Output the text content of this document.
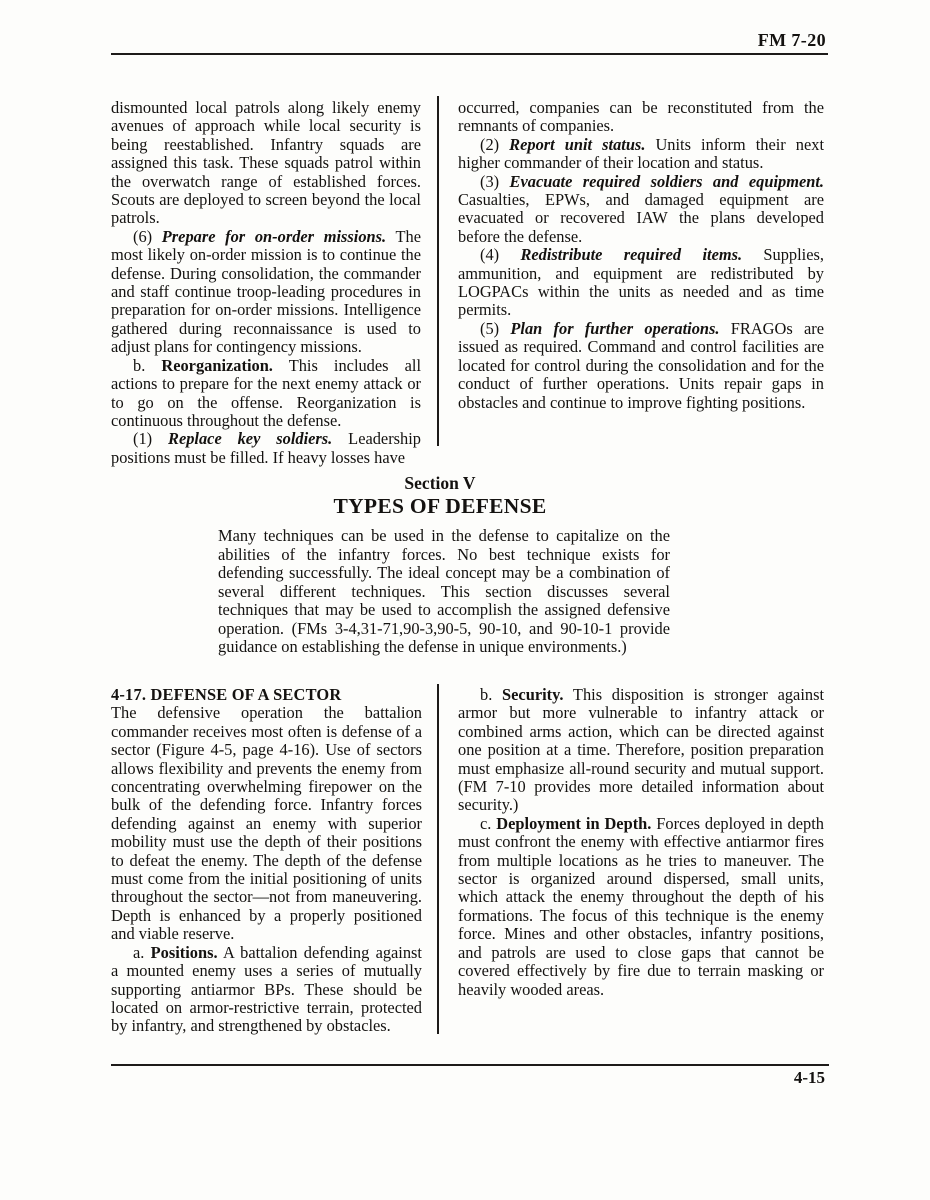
FM 7-20

dismounted local patrols along likely enemy avenues of approach while local security is being reestablished. Infantry squads are assigned this task. These squads patrol within the overwatch range of established forces. Scouts are deployed to screen beyond the local patrols.

(6) Prepare for on-order missions. The most likely on-order mission is to continue the defense. During consolidation, the commander and staff continue troop-leading procedures in preparation for on-order missions. Intelligence gathered during reconnaissance is used to adjust plans for contingency missions.

b. Reorganization. This includes all actions to prepare for the next enemy attack or to go on the offense. Reorganization is continuous throughout the defense.

(1) Replace key soldiers. Leadership positions must be filled. If heavy losses have

occurred, companies can be reconstituted from the remnants of companies.

(2) Report unit status. Units inform their next higher commander of their location and status.

(3) Evacuate required soldiers and equipment. Casualties, EPWs, and damaged equipment are evacuated or recovered IAW the plans developed before the defense.

(4) Redistribute required items. Supplies, ammunition, and equipment are redistributed by LOGPACs within the units as needed and as time permits.

(5) Plan for further operations. FRAGOs are issued as required. Command and control facilities are located for control during the consolidation and for the conduct of further operations. Units repair gaps in obstacles and continue to improve fighting positions.

Section V
TYPES OF DEFENSE

Many techniques can be used in the defense to capitalize on the abilities of the infantry forces. No best technique exists for defending successfully. The ideal concept may be a combination of several different techniques. This section discusses several techniques that may be used to accomplish the assigned defensive operation. (FMs 3-4,31-71,90-3,90-5, 90-10, and 90-10-1 provide guidance on establishing the defense in unique environments.)

4-17. DEFENSE OF A SECTOR

The defensive operation the battalion commander receives most often is defense of a sector (Figure 4-5, page 4-16). Use of sectors allows flexibility and prevents the enemy from concentrating overwhelming firepower on the bulk of the defending force. Infantry forces defending against an enemy with superior mobility must use the depth of their positions to defeat the enemy. The depth of the defense must come from the initial positioning of units throughout the sector—not from maneuvering. Depth is enhanced by a properly positioned and viable reserve.

a. Positions. A battalion defending against a mounted enemy uses a series of mutually supporting antiarmor BPs. These should be located on armor-restrictive terrain, protected by infantry, and strengthened by obstacles.

b. Security. This disposition is stronger against armor but more vulnerable to infantry attack or combined arms action, which can be directed against one position at a time. Therefore, position preparation must emphasize all-round security and mutual support. (FM 7-10 provides more detailed information about security.)

c. Deployment in Depth. Forces deployed in depth must confront the enemy with effective antiarmor fires from multiple locations as he tries to maneuver. The sector is organized around dispersed, small units, which attack the enemy throughout the depth of his formations. The focus of this technique is the enemy force. Mines and other obstacles, infantry positions, and patrols are used to close gaps that cannot be covered effectively by fire due to terrain masking or heavily wooded areas.

4-15
